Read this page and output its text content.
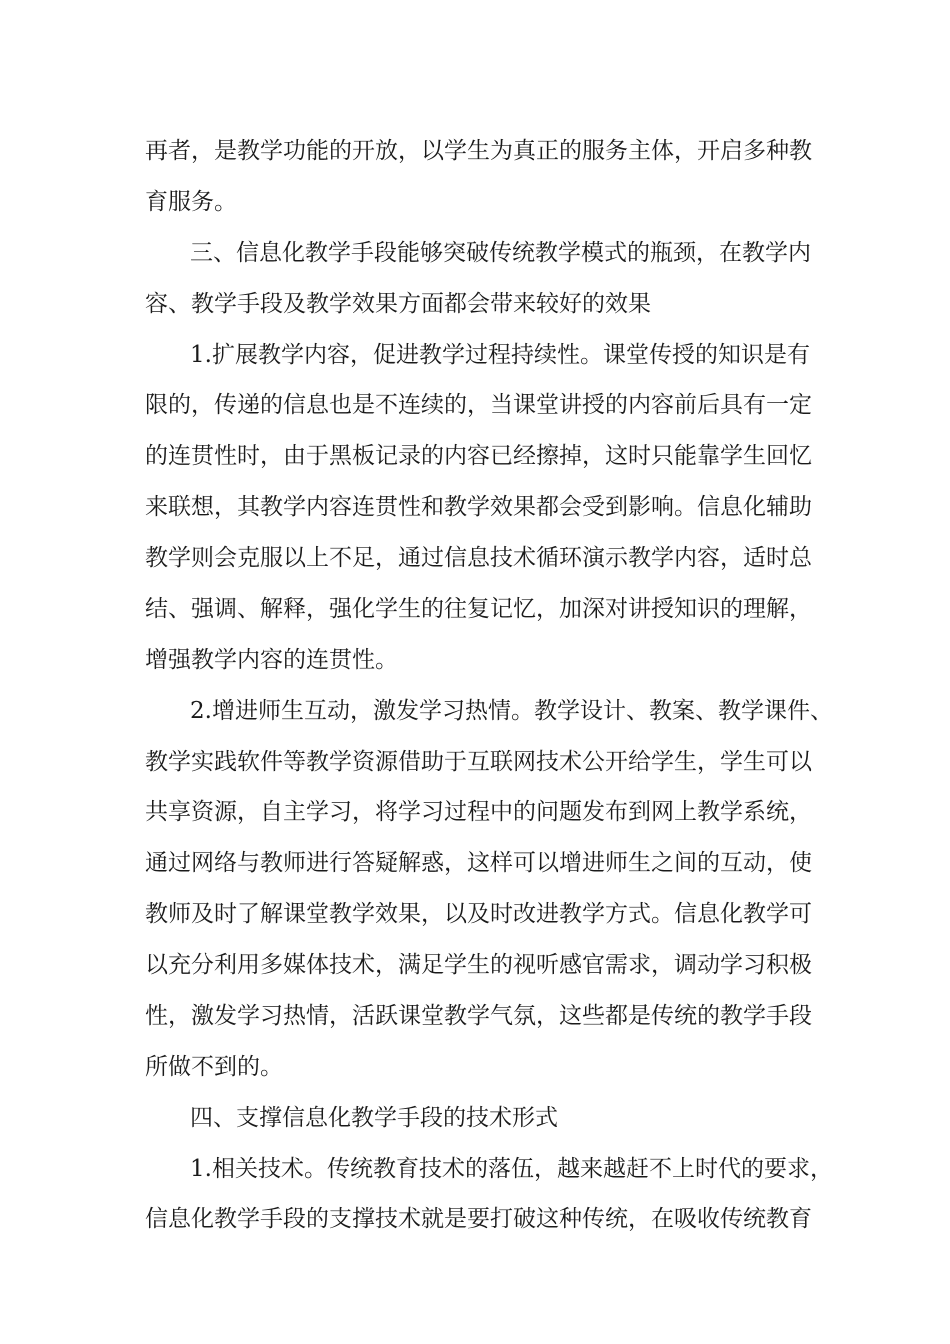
再者，是教学功能的开放，以学生为真正的服务主体，开启多种教
育服务。
三、信息化教学手段能够突破传统教学模式的瓶颈，在教学内
容、教学手段及教学效果方面都会带来较好的效果
1.扩展教学内容，促进教学过程持续性。课堂传授的知识是有
限的，传递的信息也是不连续的，当课堂讲授的内容前后具有一定
的连贯性时，由于黑板记录的内容已经擦掉，这时只能靠学生回忆
来联想，其教学内容连贯性和教学效果都会受到影响。信息化辅助
教学则会克服以上不足，通过信息技术循环演示教学内容，适时总
结、强调、解释，强化学生的往复记忆，加深对讲授知识的理解，
增强教学内容的连贯性。
2.增进师生互动，激发学习热情。教学设计、教案、教学课件、
教学实践软件等教学资源借助于互联网技术公开给学生，学生可以
共享资源，自主学习，将学习过程中的问题发布到网上教学系统，
通过网络与教师进行答疑解惑，这样可以增进师生之间的互动，使
教师及时了解课堂教学效果，以及时改进教学方式。信息化教学可
以充分利用多媒体技术，满足学生的视听感官需求，调动学习积极
性，激发学习热情，活跃课堂教学气氛，这些都是传统的教学手段
所做不到的。
四、支撑信息化教学手段的技术形式
1.相关技术。传统教育技术的落伍，越来越赶不上时代的要求，
信息化教学手段的支撑技术就是要打破这种传统，在吸收传统教育
